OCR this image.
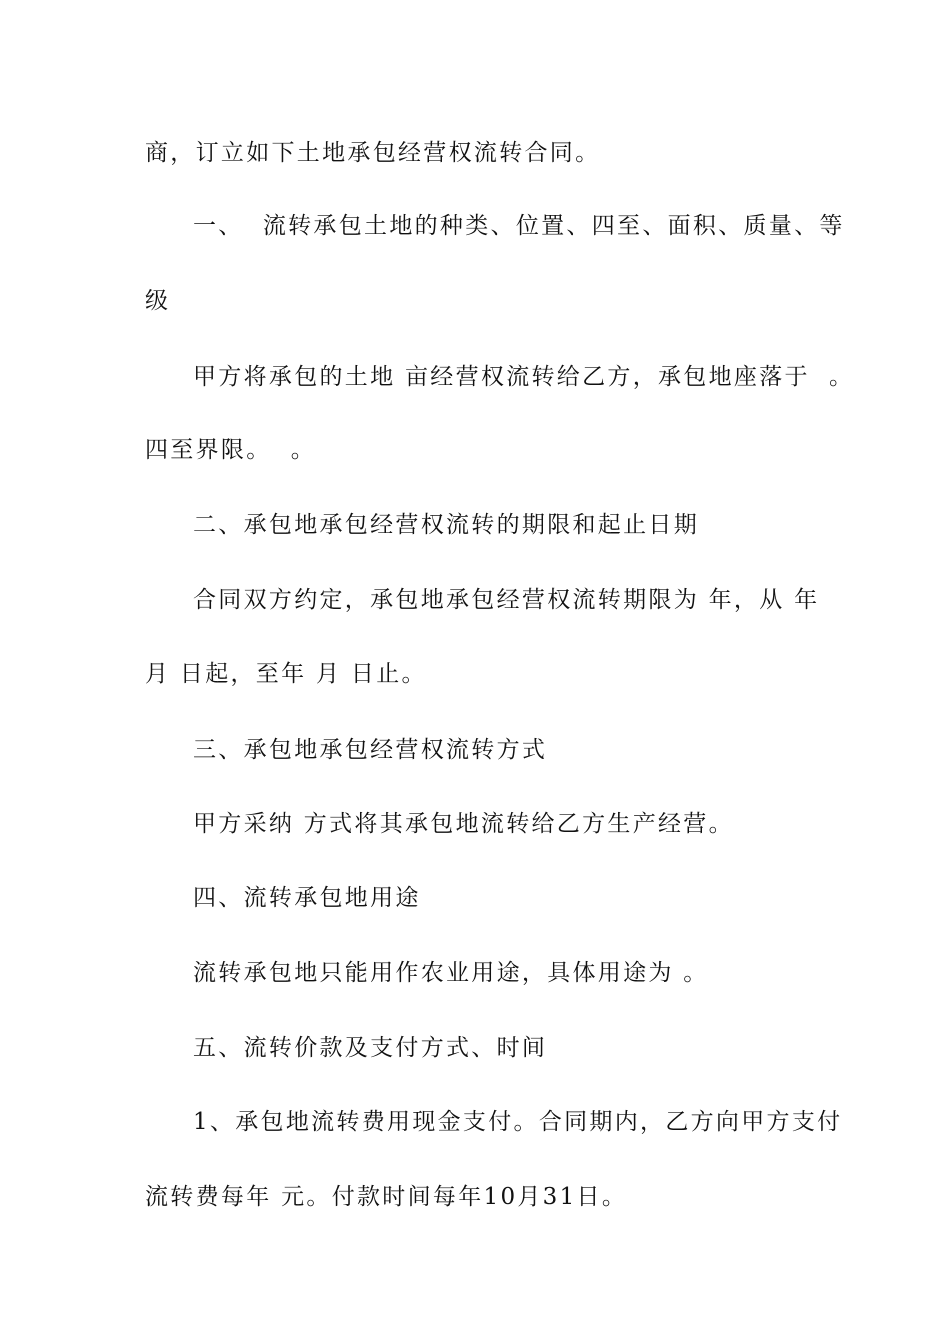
商，订立如下土地承包经营权流转合同。
一、  流转承包土地的种类、位置、四至、面积、质量、等
级
甲方将承包的土地 亩经营权流转给乙方，承包地座落于  。
四至界限。  。
二、承包地承包经营权流转的期限和起止日期
合同双方约定，承包地承包经营权流转期限为 年，从 年
月 日起，至年 月 日止。
三、承包地承包经营权流转方式
甲方采纳 方式将其承包地流转给乙方生产经营。
四、流转承包地用途
流转承包地只能用作农业用途，具体用途为 。
五、流转价款及支付方式、时间
1、承包地流转费用现金支付。合同期内，乙方向甲方支付
流转费每年 元。付款时间每年10月31日。
